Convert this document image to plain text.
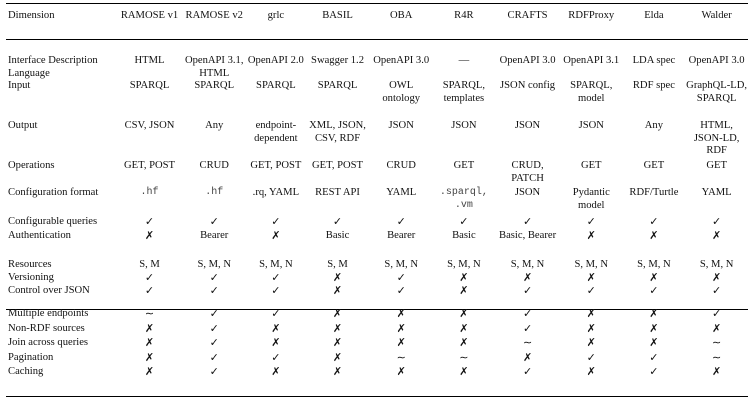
Dimension	RAMOSE v1	RAMOSE v2	grlc	BASIL	OBA	R4R	CRAFTS	RDFProxy	Elda	Walder
Interface Description	HTML	OpenAPI 3.1, HTML	OpenAPI 2.0	Swagger 1.2	OpenAPI 3.0	—	OpenAPI 3.0	OpenAPI 3.1	LDA spec	OpenAPI 3.0
Language										
Input	SPARQL	SPARQL	SPARQL	SPARQL	OWL ontology	SPARQL, templates	JSON config	SPARQL, model	RDF spec	GraphQL-LD, SPARQL
Output	CSV, JSON	Any	endpoint-dependent	XML, JSON, CSV, RDF	JSON	JSON	JSON	JSON	Any	HTML, JSON-LD, RDF
Operations	GET, POST	CRUD	GET, POST	GET, POST	CRUD	GET	CRUD, PATCH	GET	GET	GET
Configuration format	.hf	.hf	.rq, YAML	REST API	YAML	.sparql, .vm	JSON	Pydantic model	RDF/Turtle	YAML
Configurable queries	✓	✓	✓	✓	✓	✓	✓	✓	✓	✓
Authentication	✗	Bearer	✗	Basic	Bearer	Basic	Basic, Bearer	✗	✗	✗
Resources	S, M	S, M, N	S, M, N	S, M	S, M, N	S, M, N	S, M, N	S, M, N	S, M, N	S, M, N
Versioning	✓	✓	✓	✗	✓	✗	✗	✗	✗	✗
Control over JSON	✓	✓	✓	✗	✓	✗	✓	✓	✓	✓

Multiple endpoints	∼	✓	✓	✗	✗	✗	✓	✗	✗	✓
Non-RDF sources	✗	✓	✗	✗	✗	✗	✓	✗	✗	✗
Join across queries	✗	✓	✗	✗	✗	✗	∼	✗	✗	∼
Pagination	✗	✓	✓	✗	∼	∼	✗	✓	✓	∼
Caching	✗	✓	✗	✗	✗	✗	✓	✗	✓	✗
